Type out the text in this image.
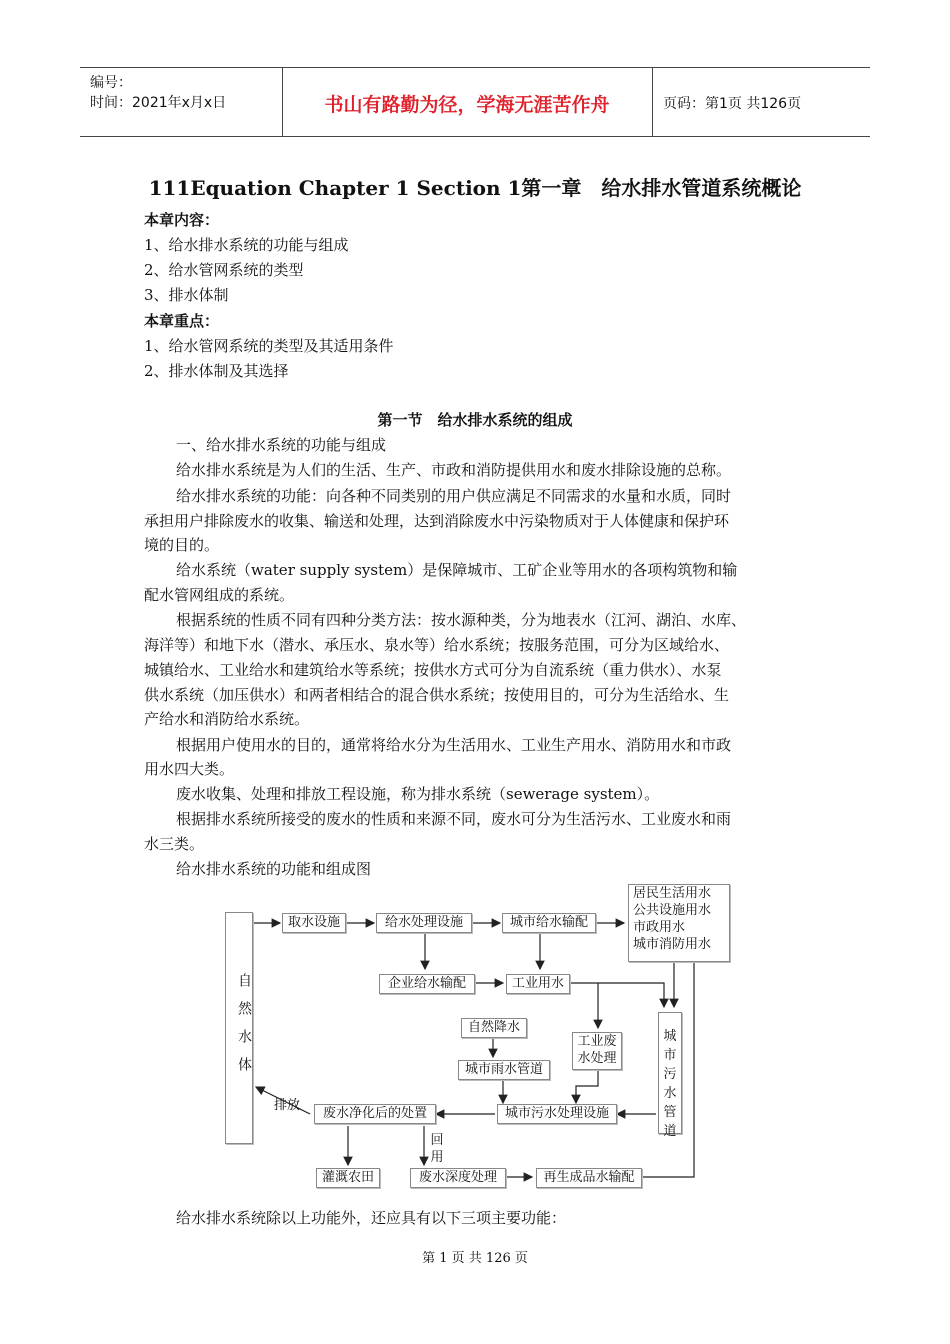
编号：
时间：2021年x月x日	书山有路勤为径，学海无涯苦作舟	页码：第1页 共126页
111Equation Chapter 1 Section 1第一章　给水排水管道系统概论
本章内容：
1、给水排水系统的功能与组成
2、给水管网系统的类型
3、排水体制
本章重点：
1、给水管网系统的类型及其适用条件
2、排水体制及其选择
第一节　给水排水系统的组成
一、给水排水系统的功能与组成
给水排水系统是为人们的生活、生产、市政和消防提供用水和废水排除设施的总称。
给水排水系统的功能：向各种不同类别的用户供应满足不同需求的水量和水质，同时
承担用户排除废水的收集、输送和处理，达到消除废水中污染物质对于人体健康和保护环
境的目的。
给水系统（water supply system）是保障城市、工矿企业等用水的各项构筑物和输
配水管网组成的系统。
根据系统的性质不同有四种分类方法：按水源种类，分为地表水（江河、湖泊、水库、
海洋等）和地下水（潜水、承压水、泉水等）给水系统；按服务范围，可分为区域给水、
城镇给水、工业给水和建筑给水等系统；按供水方式可分为自流系统（重力供水）、水泵
供水系统（加压供水）和两者相结合的混合供水系统；按使用目的，可分为生活给水、生
产给水和消防给水系统。
根据用户使用水的目的，通常将给水分为生活用水、工业生产用水、消防用水和市政
用水四大类。
废水收集、处理和排放工程设施，称为排水系统（sewerage system）。
根据排水系统所接受的废水的性质和来源不同，废水可分为生活污水、工业废水和雨
水三类。
给水排水系统的功能和组成图
自然水体
取水设施	给水处理设施	城市给水输配
居民生活用水
公共设施用水
市政用水
城市消防用水
企业给水输配	工业用水
自然降水
工业废水处理
城市污水管道
城市雨水管道
排放
废水净化后的处置	城市污水处理设施
回用
灌溉农田	废水深度处理	再生成品水输配
给水排水系统除以上功能外，还应具有以下三项主要功能：
第 1 页 共 126 页
